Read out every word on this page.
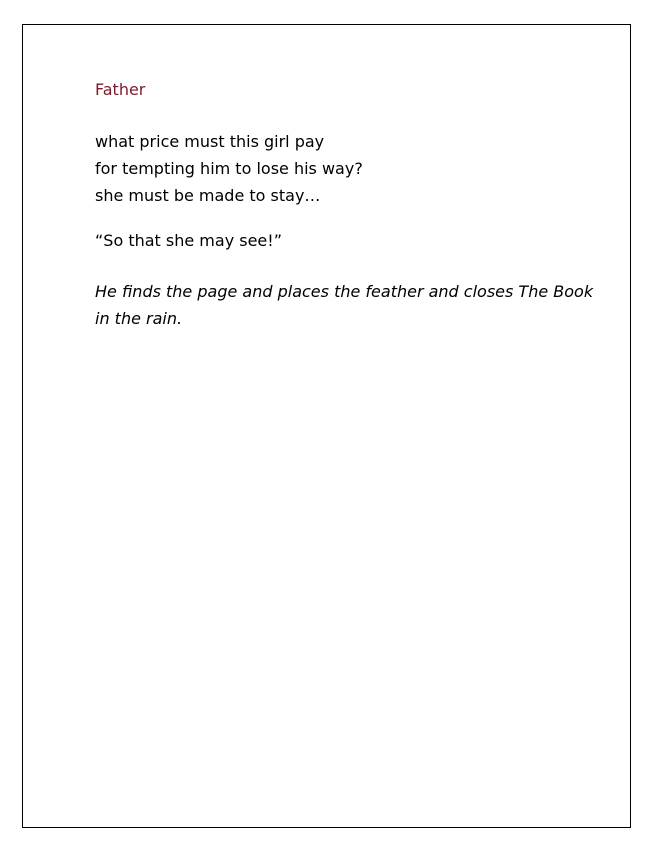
Father
what price must this girl pay
for tempting him to lose his way?
she must be made to stay…
“So that she may see!”
He finds the page and places the feather and closes The Book
in the rain.
